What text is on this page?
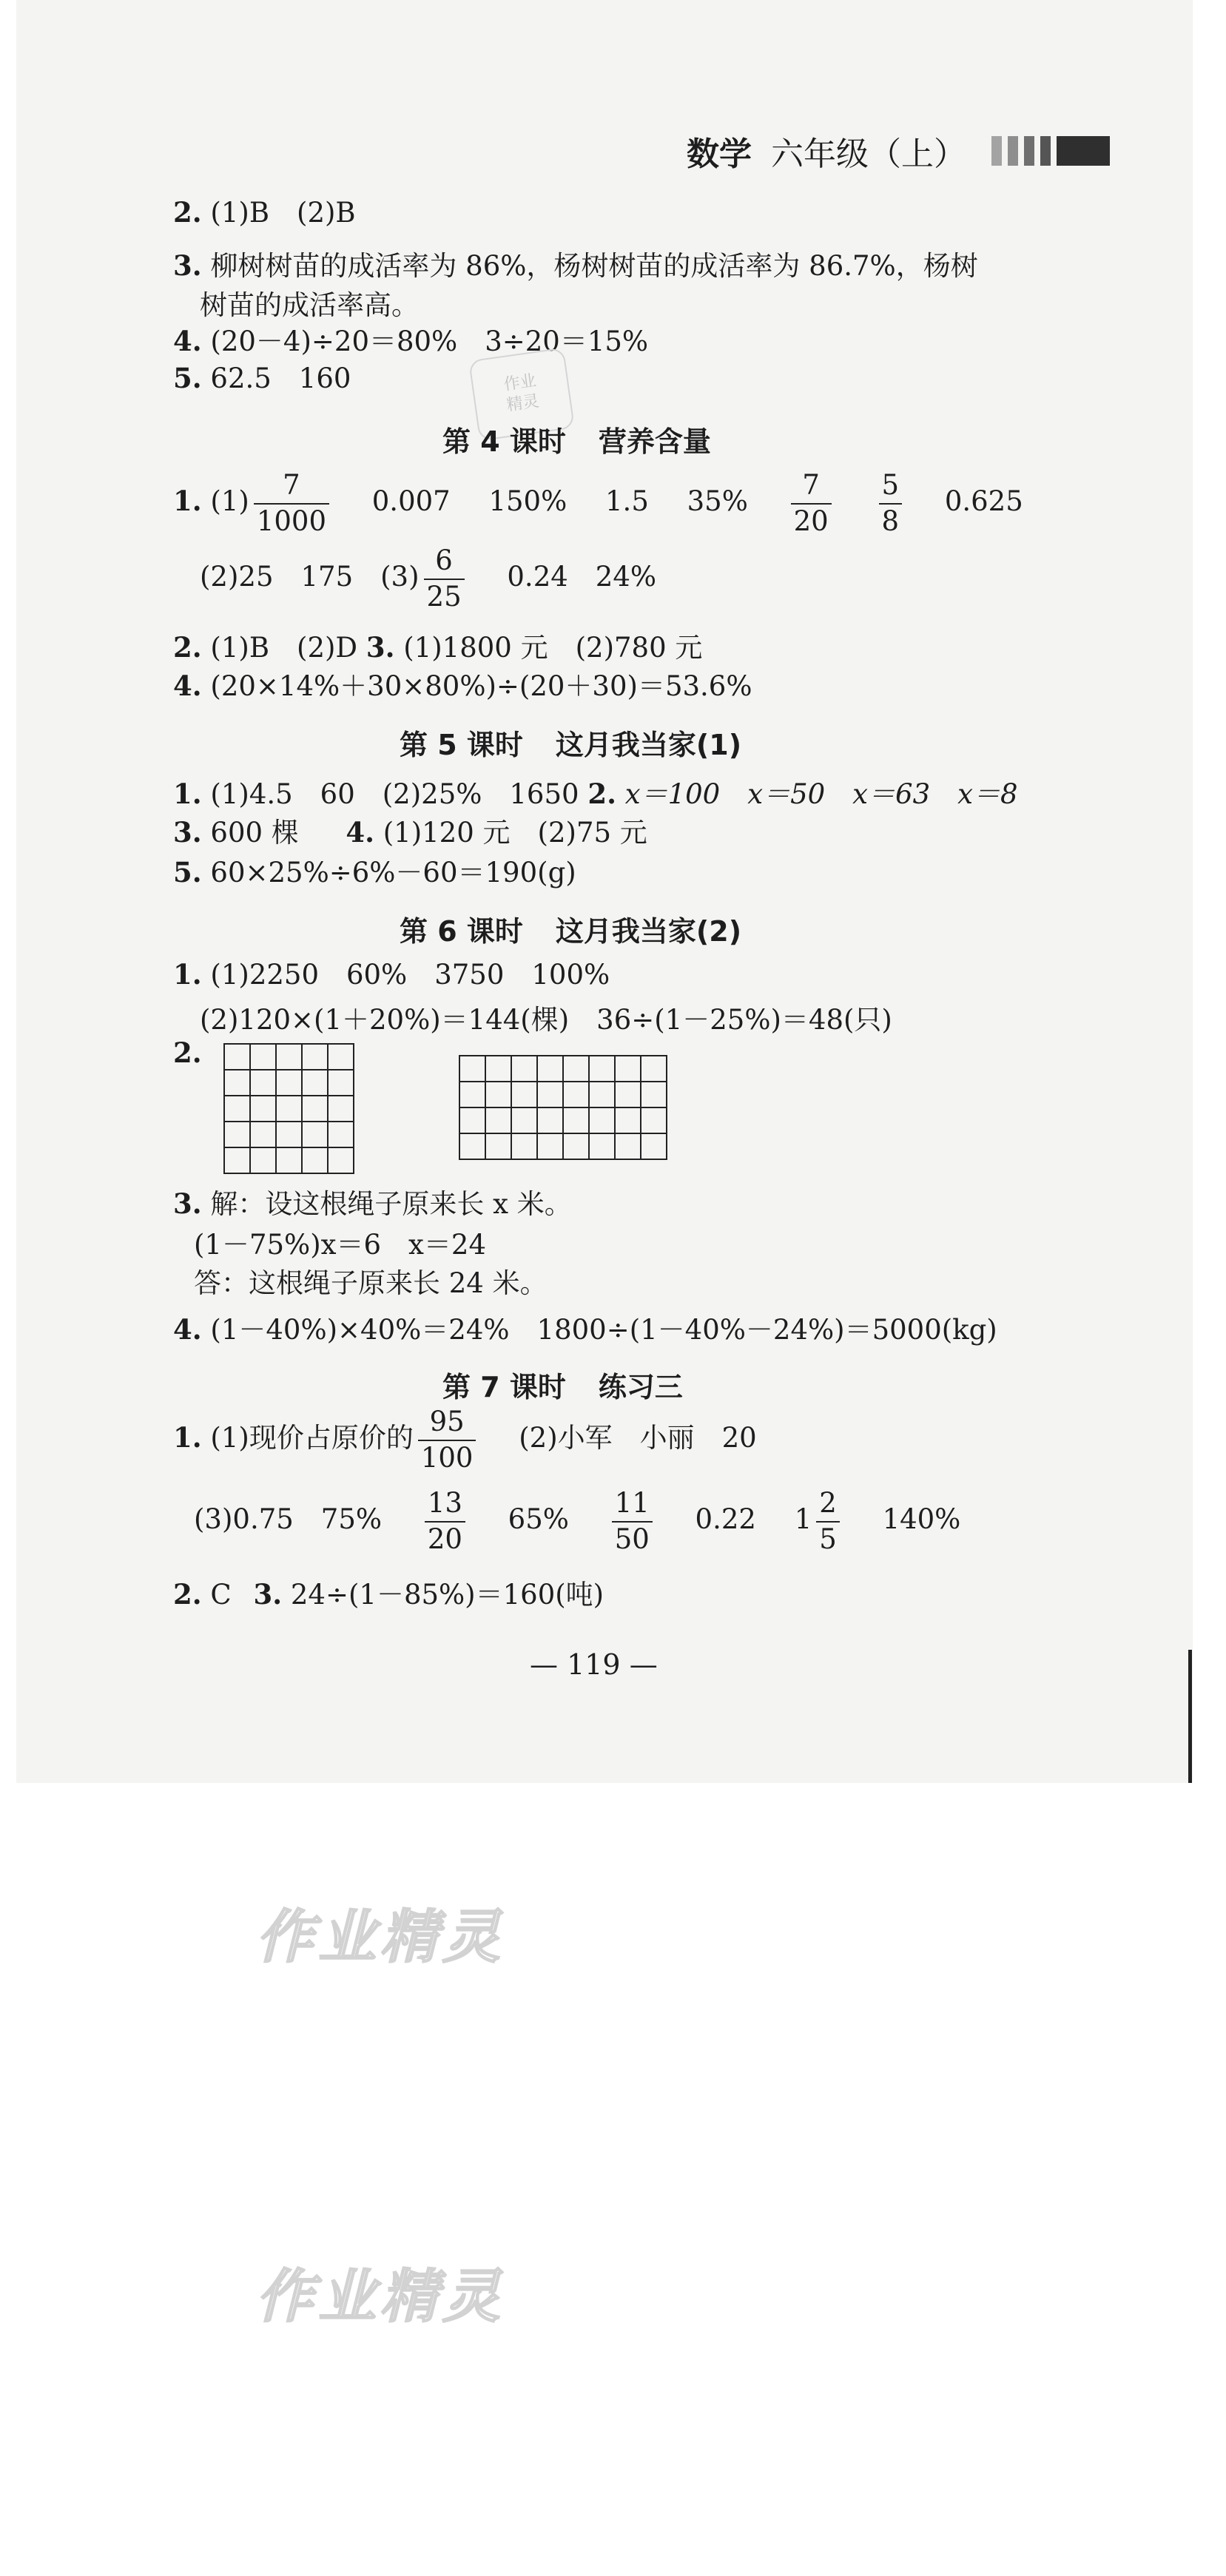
数学 六年级（上）
2. (1)B　(2)B
3. 柳树树苗的成活率为 86%，杨树树苗的成活率为 86.7%，杨树
树苗的成活率高。
4. (20－4)÷20＝80%　3÷20＝15%
5. 62.5　160	作业
精灵
第 4 课时 营养含量
1. $(1) \frac{7}{1000} 0.007$ 150% 1.5 $35\% \frac{7}{20}$
$\frac{5}{8} 0.625$
(2)25　175　$(3) \frac{6}{25} 0.24$　24%
2. (1)B　(2)D 3. (1)1800 元　(2)780 元
4. (20×14%＋30×80%)÷(20＋30)＝53.6%
第 5 课时 这月我当家(1)
1. (1)4.5　60　(2)25%　1650 2. x＝100　x＝50　x＝63　x＝8
3. 600 棵 4. (1)120 元　(2)75 元
5. 60×25%÷6%－60＝190(g)
第 6 课时 这月我当家(2)
1. (1)2250　60%　3750　100%
(2)120×(1＋20%)＝144(棵)　36÷(1－25%)＝48(只)
2.

3. 解：设这根绳子原来长 x 米。
(1－75%)x＝6　x＝24
答：这根绳子原来长 24 米。
4. (1－40%)×40%＝24%　1800÷(1－40%－24%)＝5000(kg)
第 7 课时 练习三
1. (1)现价占原价的 $\frac{95}{100} (2)$小军　小丽　20
(3)0.75　$75\% \frac{13}{20} 65\% \frac{11}{50} 0.22$ $1 \frac{2}{5} 140\%$
2. C 3. 24÷(1－85%)＝160(吨)
— 119 —
作业精灵
作业精灵
